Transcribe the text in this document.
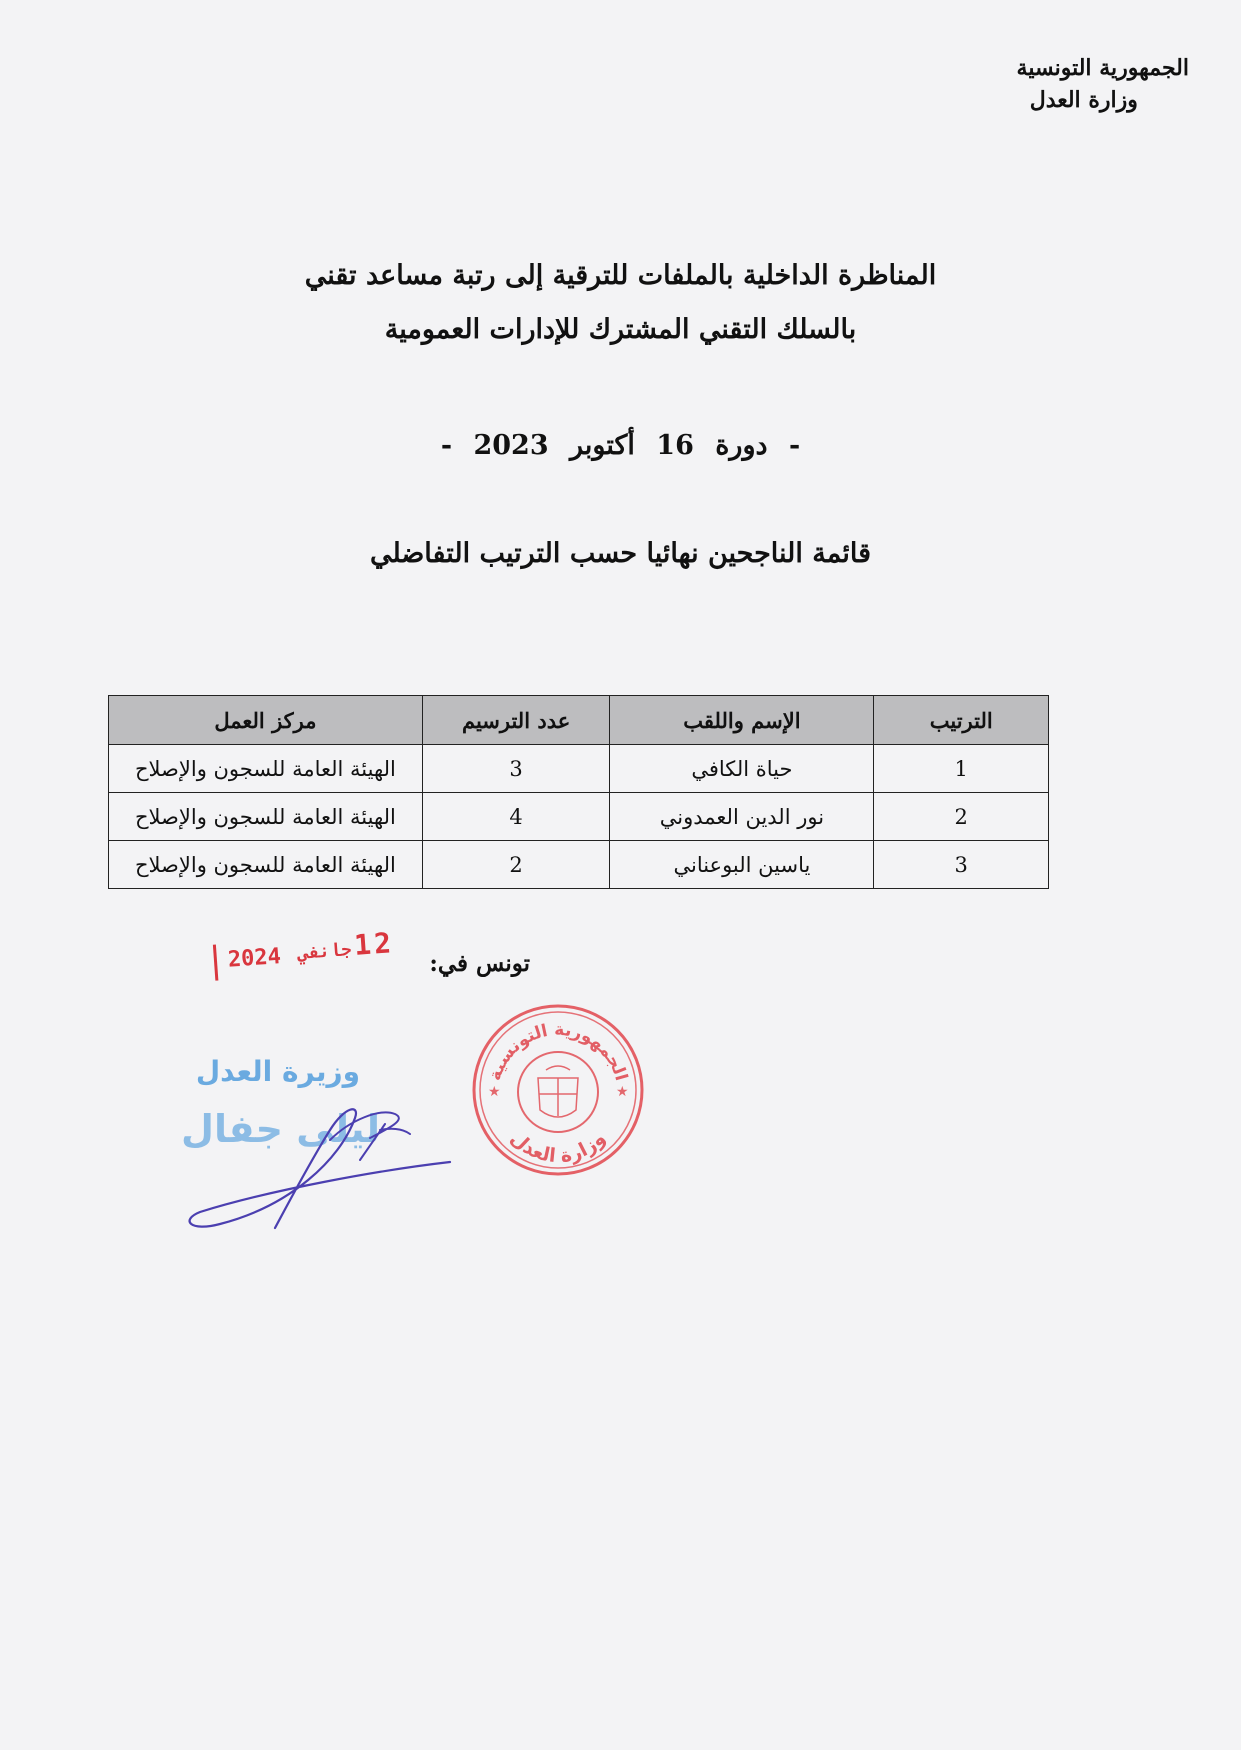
الجمهورية التونسية
وزارة العدل
المناظرة الداخلية بالملفات للترقية إلى رتبة مساعد تقني
بالسلك التقني المشترك للإدارات العمومية
- دورة 16 أكتوبر 2023 -
قائمة الناجحين نهائيا حسب الترتيب التفاضلي
الترتيب	الإسم واللقب	عدد الترسيم	مركز العمل
1	حياة الكافي	3	الهيئة العامة للسجون والإصلاح
2	نور الدين العمدوني	4	الهيئة العامة للسجون والإصلاح
3	ياسين البوعناني	2	الهيئة العامة للسجون والإصلاح
تونس في:
2024 جانفي 12
الجمهورية التونسية
وزارة العدل
★	★
وزيرة العدل
ليلى جفال
